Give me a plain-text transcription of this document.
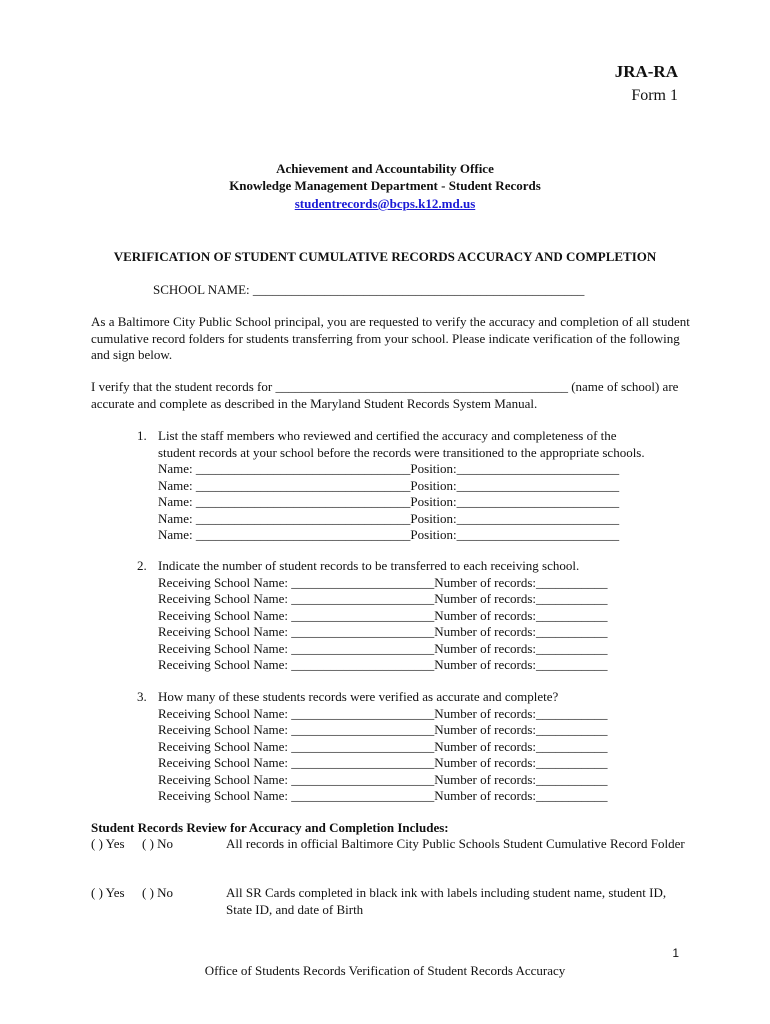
JRA-RA
Form 1
Achievement and Accountability Office
Knowledge Management Department - Student Records
studentrecords@bcps.k12.md.us
VERIFICATION OF STUDENT CUMULATIVE RECORDS ACCURACY AND COMPLETION
SCHOOL NAME: ___________________________________________________
As a Baltimore City Public School principal, you are requested to verify the accuracy and completion of all student cumulative record folders for students transferring from your school. Please indicate verification of the following and sign below.
I verify that the student records for _____________________________________________ (name of school) are accurate and complete as described in the Maryland Student Records System Manual.
1. List the staff members who reviewed and certified the accuracy and completeness of the
student records at your school before the records were transitioned to the appropriate schools.
Name: _________________________________Position:_________________________
Name: _________________________________Position:_________________________
Name: _________________________________Position:_________________________
Name: _________________________________Position:_________________________
Name: _________________________________Position:_________________________
2. Indicate the number of student records to be transferred to each receiving school.
Receiving School Name: ______________________Number of records:___________
Receiving School Name: ______________________Number of records:___________
Receiving School Name: ______________________Number of records:___________
Receiving School Name: ______________________Number of records:___________
Receiving School Name: ______________________Number of records:___________
Receiving School Name: ______________________Number of records:___________
3. How many of these students records were verified as accurate and complete?
Receiving School Name: ______________________Number of records:___________
Receiving School Name: ______________________Number of records:___________
Receiving School Name: ______________________Number of records:___________
Receiving School Name: ______________________Number of records:___________
Receiving School Name: ______________________Number of records:___________
Receiving School Name: ______________________Number of records:___________
Student Records Review for Accuracy and Completion Includes:
( ) Yes ( ) No	All records in official Baltimore City Public Schools Student Cumulative Record Folder
( ) Yes ( ) No	All SR Cards completed in black ink with labels including student name, student ID, State ID, and date of Birth
1
Office of Students Records Verification of Student Records Accuracy
